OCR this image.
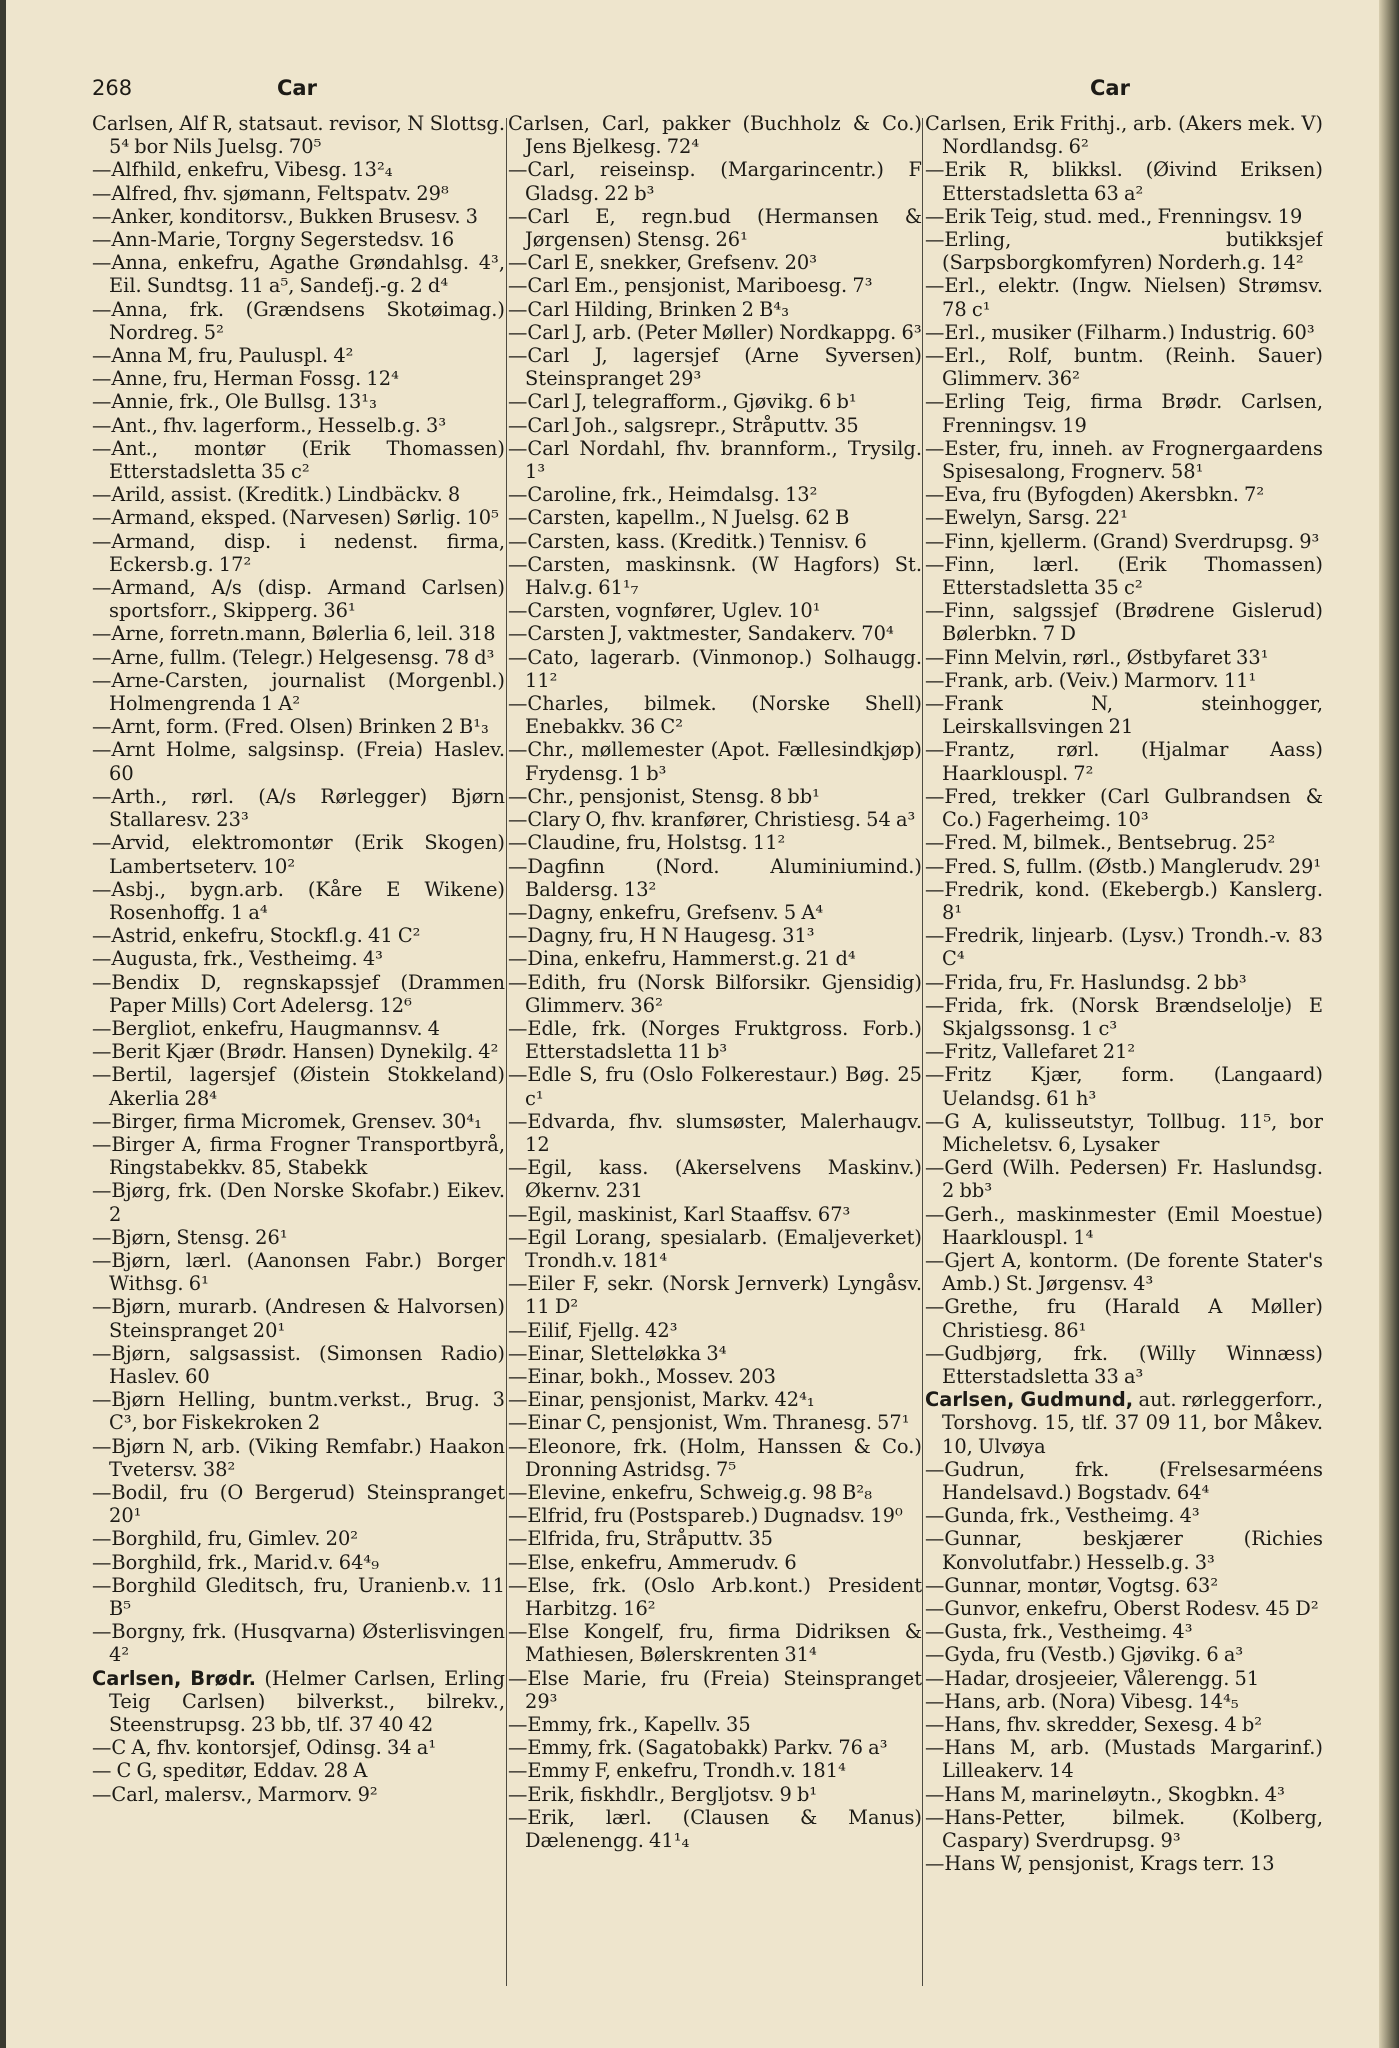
268	Car	Car
Carlsen, Alf R, statsaut. revisor, N Slottsg. 5⁴ bor Nils Juelsg. 70⁵
—Alfhild, enkefru, Vibesg. 13²₄
—Alfred, fhv. sjømann, Feltspatv. 29⁸
—Anker, konditorsv., Bukken Brusesv. 3
—Ann-Marie, Torgny Segerstedsv. 16
—Anna, enkefru, Agathe Grøndahlsg. 4³, Eil. Sundtsg. 11 a⁵, Sandefj.-g. 2 d⁴
—Anna, frk. (Grændsens Skotøimag.) Nordreg. 5²
—Anna M, fru, Pauluspl. 4²
—Anne, fru, Herman Fossg. 12⁴
—Annie, frk., Ole Bullsg. 13¹₃
—Ant., fhv. lagerform., Hesselb.g. 3³
—Ant., montør (Erik Thomassen) Etterstadsletta 35 c²
—Arild, assist. (Kreditk.) Lindbäckv. 8
—Armand, eksped. (Narvesen) Sørlig. 10⁵
—Armand, disp. i nedenst. firma, Eckersb.g. 17²
—Armand, A/s (disp. Armand Carlsen) sportsforr., Skipperg. 36¹
—Arne, forretn.mann, Bølerlia 6, leil. 318
—Arne, fullm. (Telegr.) Helgesensg. 78 d³
—Arne-Carsten, journalist (Morgenbl.) Holmengrenda 1 A²
—Arnt, form. (Fred. Olsen) Brinken 2 B¹₃
—Arnt Holme, salgsinsp. (Freia) Haslev. 60
—Arth., rørl. (A/s Rørlegger) Bjørn Stallaresv. 23³
—Arvid, elektromontør (Erik Skogen) Lambertseterv. 10²
—Asbj., bygn.arb. (Kåre E Wikene) Rosenhoffg. 1 a⁴
—Astrid, enkefru, Stockfl.g. 41 C²
—Augusta, frk., Vestheimg. 4³
—Bendix D, regnskapssjef (Drammen Paper Mills) Cort Adelersg. 12⁶
—Bergliot, enkefru, Haugmannsv. 4
—Berit Kjær (Brødr. Hansen) Dynekilg. 4²
—Bertil, lagersjef (Øistein Stokkeland) Akerlia 28⁴
—Birger, firma Micromek, Grensev. 30⁴₁
—Birger A, firma Frogner Transportbyrå, Ringstabekkv. 85, Stabekk
—Bjørg, frk. (Den Norske Skofabr.) Eikev. 2
—Bjørn, Stensg. 26¹
—Bjørn, lærl. (Aanonsen Fabr.) Borger Withsg. 6¹
—Bjørn, murarb. (Andresen & Halvorsen) Steinspranget 20¹
—Bjørn, salgsassist. (Simonsen Radio) Haslev. 60
—Bjørn Helling, buntm.verkst., Brug. 3 C³, bor Fiskekroken 2
—Bjørn N, arb. (Viking Remfabr.) Haakon Tvetersv. 38²
—Bodil, fru (O Bergerud) Steinspranget 20¹
—Borghild, fru, Gimlev. 20²
—Borghild, frk., Marid.v. 64⁴₉
—Borghild Gleditsch, fru, Uranienb.v. 11 B⁵
—Borgny, frk. (Husqvarna) Østerlisvingen 4²
Carlsen, Brødr. (Helmer Carlsen, Erling Teig Carlsen) bilverkst., bilrekv., Steenstrupsg. 23 bb, tlf. 37 40 42
—C A, fhv. kontorsjef, Odinsg. 34 a¹
— C G, speditør, Eddav. 28 A
—Carl, malersv., Marmorv. 9²
Carlsen, Carl, pakker (Buchholz & Co.) Jens Bjelkesg. 72⁴
—Carl, reiseinsp. (Margarincentr.) F Gladsg. 22 b³
—Carl E, regn.bud (Hermansen & Jørgensen) Stensg. 26¹
—Carl E, snekker, Grefsenv. 20³
—Carl Em., pensjonist, Mariboesg. 7³
—Carl Hilding, Brinken 2 B⁴₃
—Carl J, arb. (Peter Møller) Nordkappg. 6³
—Carl J, lagersjef (Arne Syversen) Steinspranget 29³
—Carl J, telegrafform., Gjøvikg. 6 b¹
—Carl Joh., salgsrepr., Stråputtv. 35
—Carl Nordahl, fhv. brannform., Trysilg. 1³
—Caroline, frk., Heimdalsg. 13²
—Carsten, kapellm., N Juelsg. 62 B
—Carsten, kass. (Kreditk.) Tennisv. 6
—Carsten, maskinsnk. (W Hagfors) St. Halv.g. 61¹₇
—Carsten, vognfører, Uglev. 10¹
—Carsten J, vaktmester, Sandakerv. 70⁴
—Cato, lagerarb. (Vinmonop.) Solhaugg. 11²
—Charles, bilmek. (Norske Shell) Enebakkv. 36 C²
—Chr., møllemester (Apot. Fællesindkjøp) Frydensg. 1 b³
—Chr., pensjonist, Stensg. 8 bb¹
—Clary O, fhv. kranfører, Christiesg. 54 a³
—Claudine, fru, Holstsg. 11²
—Dagfinn (Nord. Aluminiumind.) Baldersg. 13²
—Dagny, enkefru, Grefsenv. 5 A⁴
—Dagny, fru, H N Haugesg. 31³
—Dina, enkefru, Hammerst.g. 21 d⁴
—Edith, fru (Norsk Bilforsikr. Gjensidig) Glimmerv. 36²
—Edle, frk. (Norges Fruktgross. Forb.) Etterstadsletta 11 b³
—Edle S, fru (Oslo Folkerestaur.) Bøg. 25 c¹
—Edvarda, fhv. slumsøster, Malerhaugv. 12
—Egil, kass. (Akerselvens Maskinv.) Økernv. 231
—Egil, maskinist, Karl Staaffsv. 67³
—Egil Lorang, spesialarb. (Emaljeverket) Trondh.v. 181⁴
—Eiler F, sekr. (Norsk Jernverk) Lyngåsv. 11 D²
—Eilif, Fjellg. 42³
—Einar, Sletteløkka 3⁴
—Einar, bokh., Mossev. 203
—Einar, pensjonist, Markv. 42⁴₁
—Einar C, pensjonist, Wm. Thranesg. 57¹
—Eleonore, frk. (Holm, Hanssen & Co.) Dronning Astridsg. 7⁵
—Elevine, enkefru, Schweig.g. 98 B²₈
—Elfrid, fru (Postspareb.) Dugnadsv. 19⁰
—Elfrida, fru, Stråputtv. 35
—Else, enkefru, Ammerudv. 6
—Else, frk. (Oslo Arb.kont.) President Harbitzg. 16²
—Else Kongelf, fru, firma Didriksen & Mathiesen, Bølerskrenten 31⁴
—Else Marie, fru (Freia) Steinspranget 29³
—Emmy, frk., Kapellv. 35
—Emmy, frk. (Sagatobakk) Parkv. 76 a³
—Emmy F, enkefru, Trondh.v. 181⁴
—Erik, fiskhdlr., Bergljotsv. 9 b¹
—Erik, lærl. (Clausen & Manus) Dælenengg. 41¹₄
Carlsen, Erik Frithj., arb. (Akers mek. V) Nordlandsg. 6²
—Erik R, blikksl. (Øivind Eriksen) Etterstadsletta 63 a²
—Erik Teig, stud. med., Frenningsv. 19
—Erling, butikksjef (Sarpsborgkomfyren) Norderh.g. 14²
—Erl., elektr. (Ingw. Nielsen) Strømsv. 78 c¹
—Erl., musiker (Filharm.) Industrig. 60³
—Erl., Rolf, buntm. (Reinh. Sauer) Glimmerv. 36²
—Erling Teig, firma Brødr. Carlsen, Frenningsv. 19
—Ester, fru, inneh. av Frognergaardens Spisesalong, Frognerv. 58¹
—Eva, fru (Byfogden) Akersbkn. 7²
—Ewelyn, Sarsg. 22¹
—Finn, kjellerm. (Grand) Sverdrupsg. 9³
—Finn, lærl. (Erik Thomassen) Etterstadsletta 35 c²
—Finn, salgssjef (Brødrene Gislerud) Bølerbkn. 7 D
—Finn Melvin, rørl., Østbyfaret 33¹
—Frank, arb. (Veiv.) Marmorv. 11¹
—Frank N, steinhogger, Leirskallsvingen 21
—Frantz, rørl. (Hjalmar Aass) Haarklouspl. 7²
—Fred, trekker (Carl Gulbrandsen & Co.) Fagerheimg. 10³
—Fred. M, bilmek., Bentsebrug. 25²
—Fred. S, fullm. (Østb.) Manglerudv. 29¹
—Fredrik, kond. (Ekebergb.) Kanslerg. 8¹
—Fredrik, linjearb. (Lysv.) Trondh.-v. 83 C⁴
—Frida, fru, Fr. Haslundsg. 2 bb³
—Frida, frk. (Norsk Brændselolje) E Skjalgssonsg. 1 c³
—Fritz, Vallefaret 21²
—Fritz Kjær, form. (Langaard) Uelandsg. 61 h³
—G A, kulisseutstyr, Tollbug. 11⁵, bor Micheletsv. 6, Lysaker
—Gerd (Wilh. Pedersen) Fr. Haslundsg. 2 bb³
—Gerh., maskinmester (Emil Moestue) Haarklouspl. 1⁴
—Gjert A, kontorm. (De forente Stater's Amb.) St. Jørgensv. 4³
—Grethe, fru (Harald A Møller) Christiesg. 86¹
—Gudbjørg, frk. (Willy Winnæss) Etterstadsletta 33 a³
Carlsen, Gudmund, aut. rørleggerforr., Torshovg. 15, tlf. 37 09 11, bor Måkev. 10, Ulvøya
—Gudrun, frk. (Frelsesarméens Handelsavd.) Bogstadv. 64⁴
—Gunda, frk., Vestheimg. 4³
—Gunnar, beskjærer (Richies Konvolutfabr.) Hesselb.g. 3³
—Gunnar, montør, Vogtsg. 63²
—Gunvor, enkefru, Oberst Rodesv. 45 D²
—Gusta, frk., Vestheimg. 4³
—Gyda, fru (Vestb.) Gjøvikg. 6 a³
—Hadar, drosjeeier, Vålerengg. 51
—Hans, arb. (Nora) Vibesg. 14⁴₅
—Hans, fhv. skredder, Sexesg. 4 b²
—Hans M, arb. (Mustads Margarinf.) Lilleakerv. 14
—Hans M, marineløytn., Skogbkn. 4³
—Hans-Petter, bilmek. (Kolberg, Caspary) Sverdrupsg. 9³
—Hans W, pensjonist, Krags terr. 13
